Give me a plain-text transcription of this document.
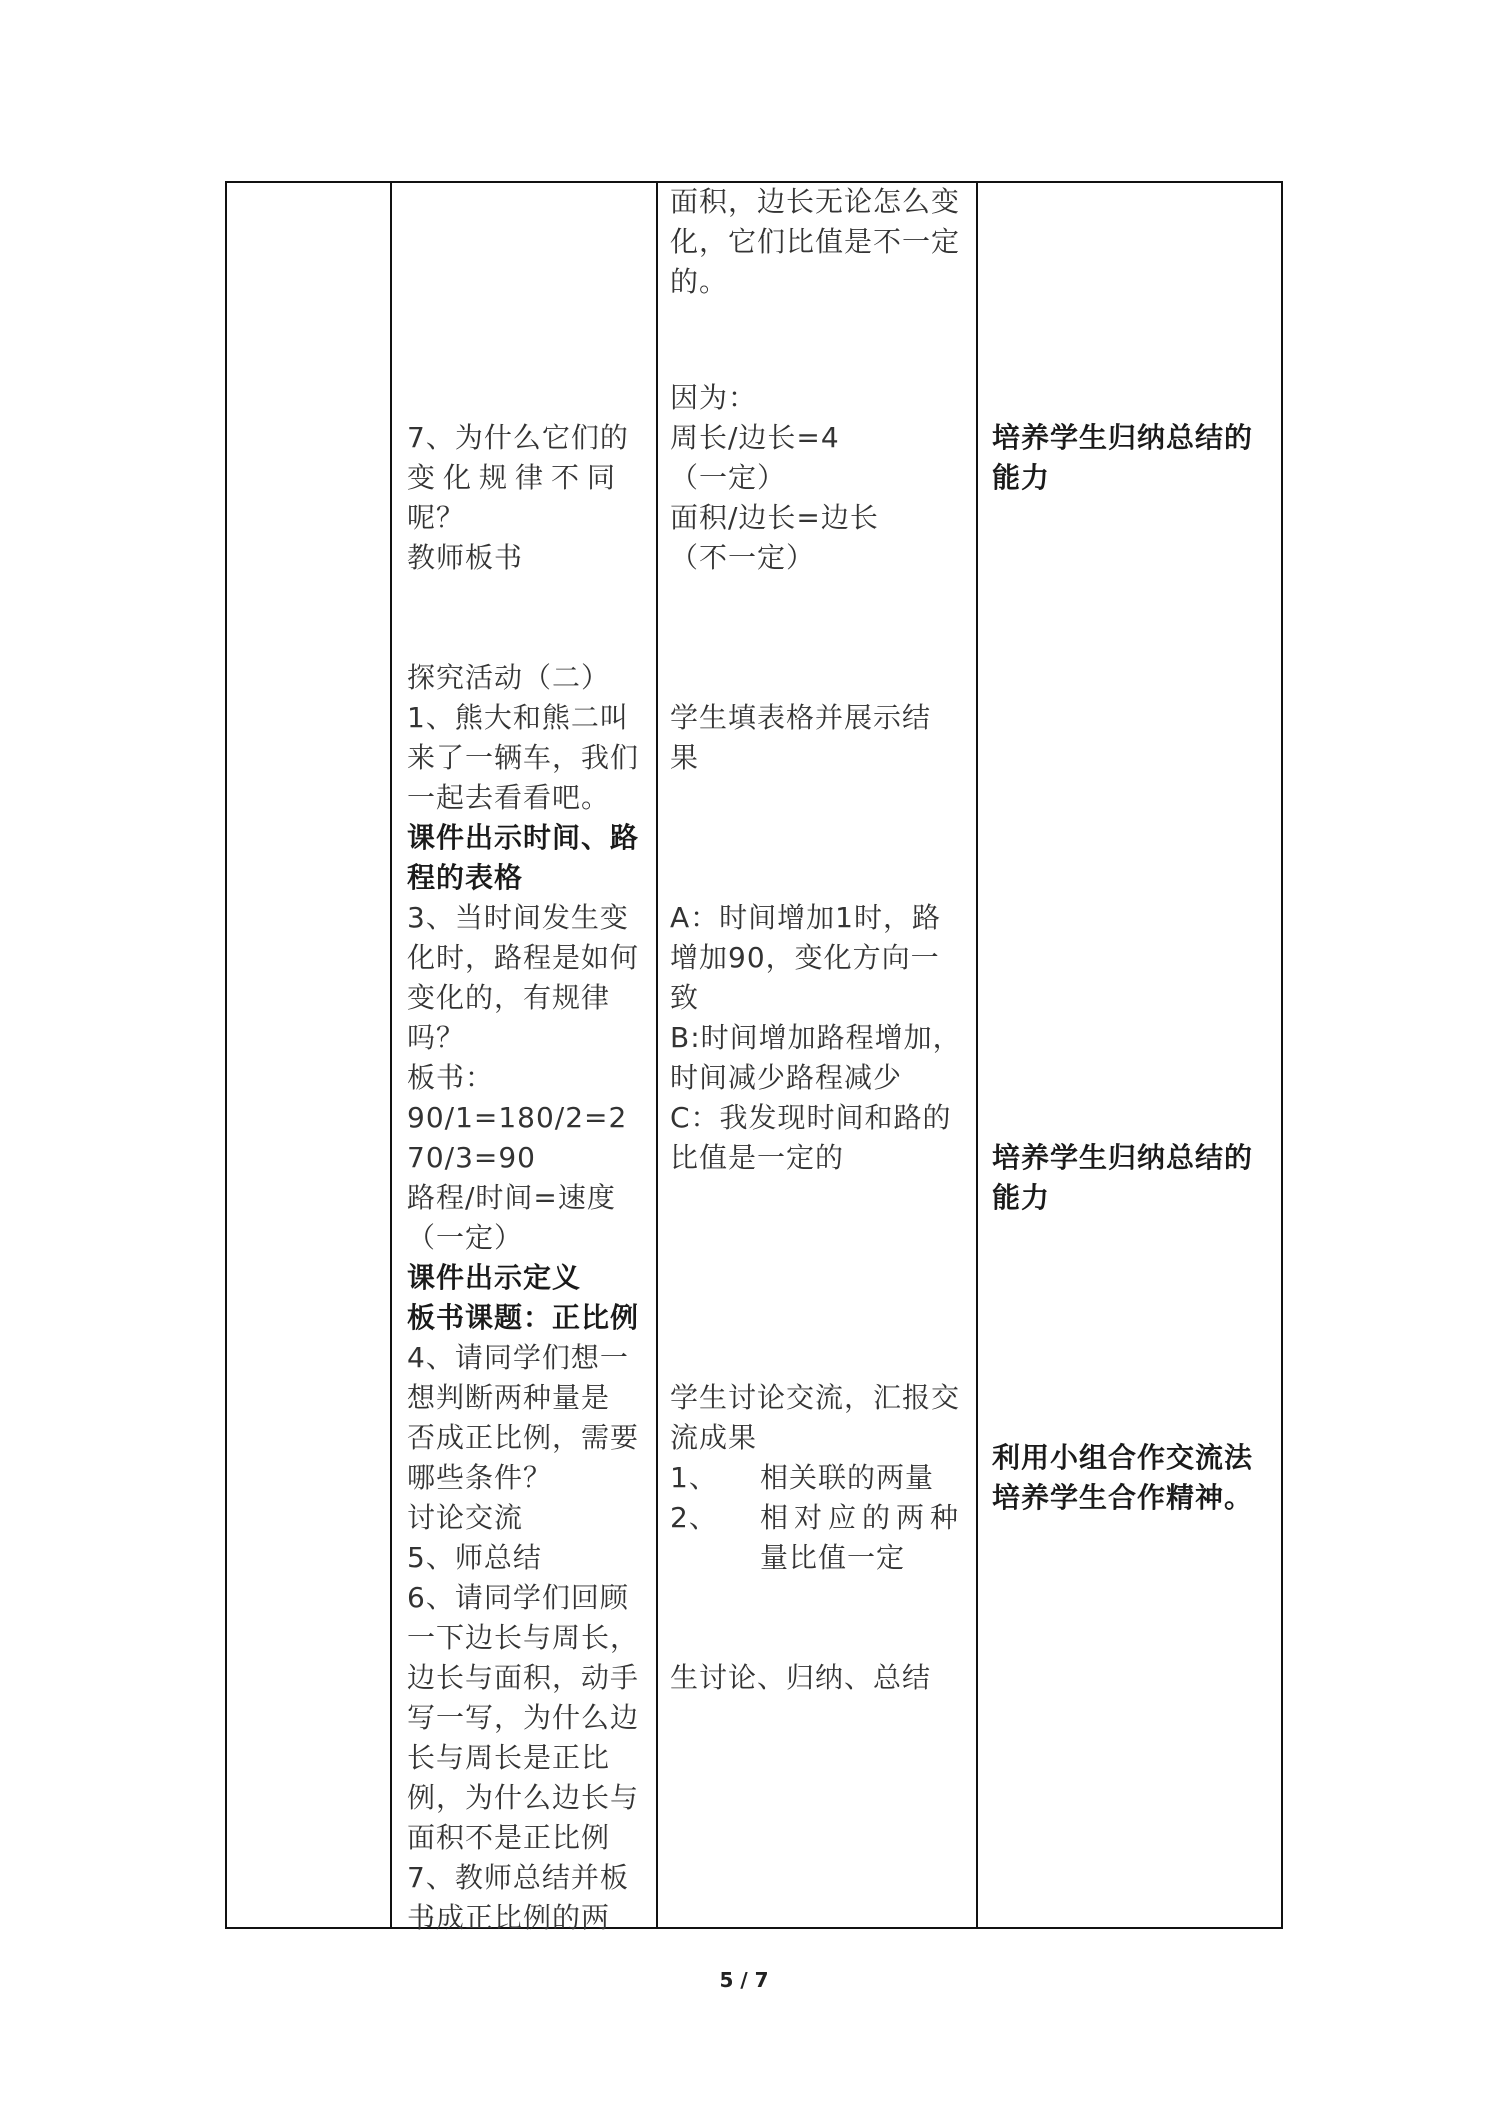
7、为什么它们的
变化规律不同
呢？
教师板书
探究活动（二）
1、熊大和熊二叫
来了一辆车，我们
一起去看看吧。
课件出示时间、路
程的表格
3、当时间发生变
化时，路程是如何
变化的，有规律
吗？
板书：
90/1=180/2=2
70/3=90
路程/时间=速度
（一定）
课件出示定义
板书课题：正比例
4、请同学们想一
想判断两种量是
否成正比例，需要
哪些条件？
讨论交流
5、师总结
6、请同学们回顾
一下边长与周长，
边长与面积，动手
写一写，为什么边
长与周长是正比
例，为什么边长与
面积不是正比例
7、教师总结并板
书成正比例的两

面积，边长无论怎么变
化，它们比值是不一定
的。
因为：
周长/边长=4
（一定）
面积/边长=边长
（不一定）
学生填表格并展示结
果
A：时间增加1时，路
增加90，变化方向一
致
B:时间增加路程增加，
时间减少路程减少
C：我发现时间和路的
比值是一定的
学生讨论交流，汇报交
流成果
生讨论、归纳、总结
1、 相关联的两量
2、 相对应的两种
量比值一定

培养学生归纳总结的
能力
培养学生归纳总结的
能力
利用小组合作交流法
培养学生合作精神。
5 / 7
